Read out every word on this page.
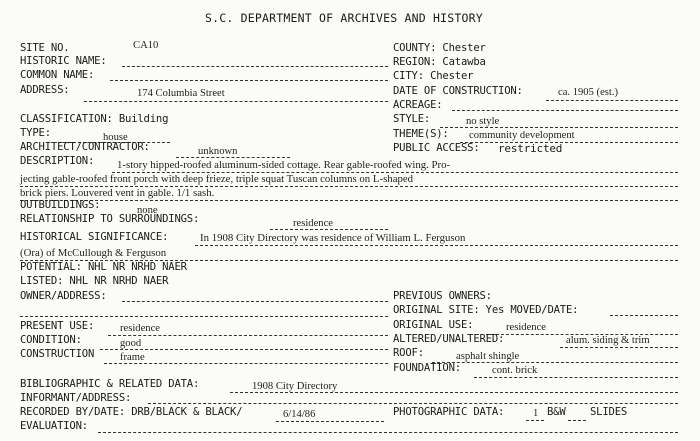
S.C. DEPARTMENT OF ARCHIVES AND HISTORY
SITE NO.	CA10
HISTORIC NAME:
COMMON NAME:
ADDRESS:	174 Columbia Street
CLASSIFICATION: Building
TYPE:	house
ARCHITECT/CONTRACTOR:	unknown
DESCRIPTION: 1-story hipped-roofed aluminum-sided cottage. Rear gable-roofed wing. Pro-
jecting gable-roofed front porch with deep frieze, triple squat Tuscan columns on L-shaped
brick piers. Louvered vent in gable. 1/1 sash.
OUTBUILDINGS:	none
RELATIONSHIP TO SURROUNDINGS:	residence
HISTORICAL SIGNIFICANCE:	In 1908 City Directory was residence of William L. Ferguson
(Ora) of McCullough & Ferguson
POTENTIAL: NHL NR NRHD NAER
LISTED: NHL NR NRHD NAER
OWNER/ADDRESS:
PRESENT USE: residence
CONDITION:	good
CONSTRUCTION frame
BIBLIOGRAPHIC & RELATED DATA:	1908 City Directory
INFORMANT/ADDRESS:
RECORDED BY/DATE: DRB/BLACK & BLACK/	6/14/86
EVALUATION:
COUNTY: Chester
REGION: Catawba
CITY: Chester
DATE OF CONSTRUCTION:	ca. 1905 (est.)
ACREAGE:
STYLE:	no style
THEME(S): community development
PUBLIC ACCESS: restricted
PREVIOUS OWNERS:
ORIGINAL SITE: Yes MOVED/DATE:
ORIGINAL USE:	residence
ALTERED/UNALTERED:	alum. siding & trim
ROOF:	asphalt shingle
FOUNDATION:	cont. brick
PHOTOGRAPHIC DATA:	1 B&W SLIDES
